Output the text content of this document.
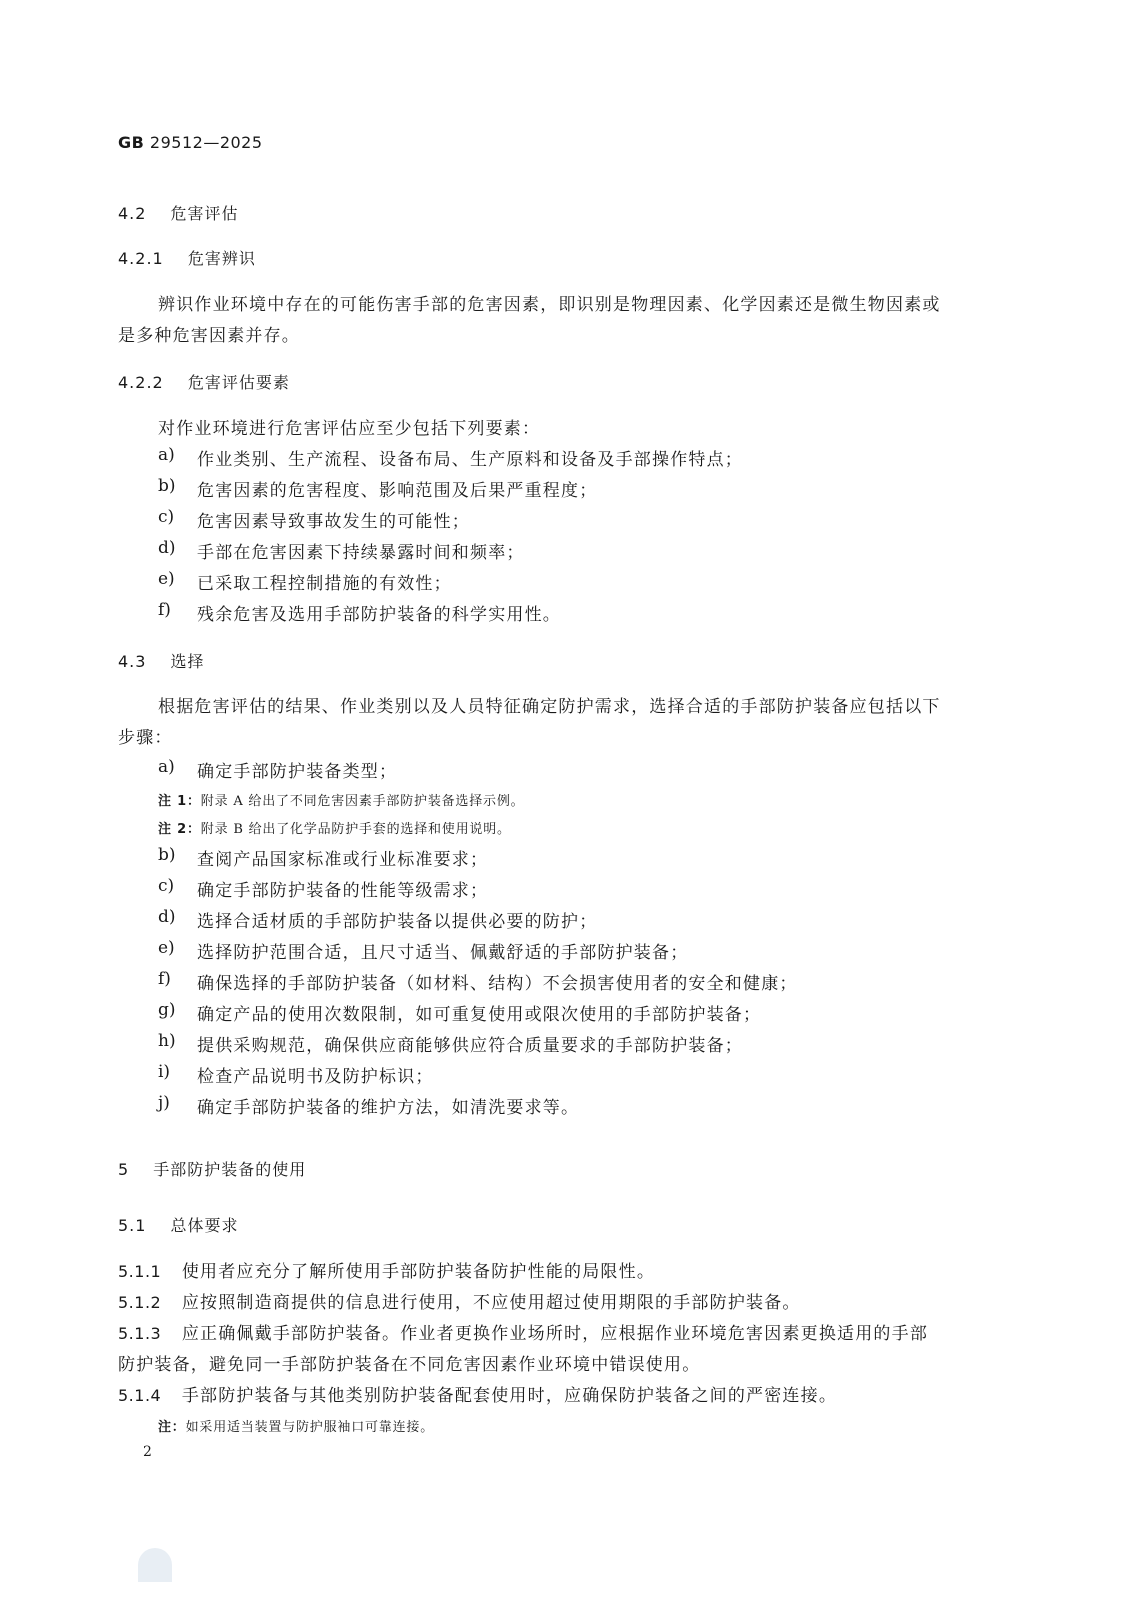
GB 29512—2025
4.2 危害评估
4.2.1 危害辨识
辨识作业环境中存在的可能伤害手部的危害因素，即识别是物理因素、化学因素还是微生物因素或
是多种危害因素并存。
4.2.2 危害评估要素
对作业环境进行危害评估应至少包括下列要素：
a) 作业类别、生产流程、设备布局、生产原料和设备及手部操作特点；
b) 危害因素的危害程度、影响范围及后果严重程度；
c) 危害因素导致事故发生的可能性；
d) 手部在危害因素下持续暴露时间和频率；
e) 已采取工程控制措施的有效性；
f) 残余危害及选用手部防护装备的科学实用性。
4.3 选择
根据危害评估的结果、作业类别以及人员特征确定防护需求，选择合适的手部防护装备应包括以下
步骤：
a) 确定手部防护装备类型；
注 1：附录 A 给出了不同危害因素手部防护装备选择示例。
注 2：附录 B 给出了化学品防护手套的选择和使用说明。
b) 查阅产品国家标准或行业标准要求；
c) 确定手部防护装备的性能等级需求；
d) 选择合适材质的手部防护装备以提供必要的防护；
e) 选择防护范围合适，且尺寸适当、佩戴舒适的手部防护装备；
f) 确保选择的手部防护装备（如材料、结构）不会损害使用者的安全和健康；
g) 确定产品的使用次数限制，如可重复使用或限次使用的手部防护装备；
h) 提供采购规范，确保供应商能够供应符合质量要求的手部防护装备；
i) 检查产品说明书及防护标识；
j) 确定手部防护装备的维护方法，如清洗要求等。
5 手部防护装备的使用
5.1 总体要求
5.1.1 使用者应充分了解所使用手部防护装备防护性能的局限性。
5.1.2 应按照制造商提供的信息进行使用，不应使用超过使用期限的手部防护装备。
5.1.3 应正确佩戴手部防护装备。作业者更换作业场所时，应根据作业环境危害因素更换适用的手部
防护装备，避免同一手部防护装备在不同危害因素作业环境中错误使用。
5.1.4 手部防护装备与其他类别防护装备配套使用时，应确保防护装备之间的严密连接。
注：如采用适当装置与防护服袖口可靠连接。
2
